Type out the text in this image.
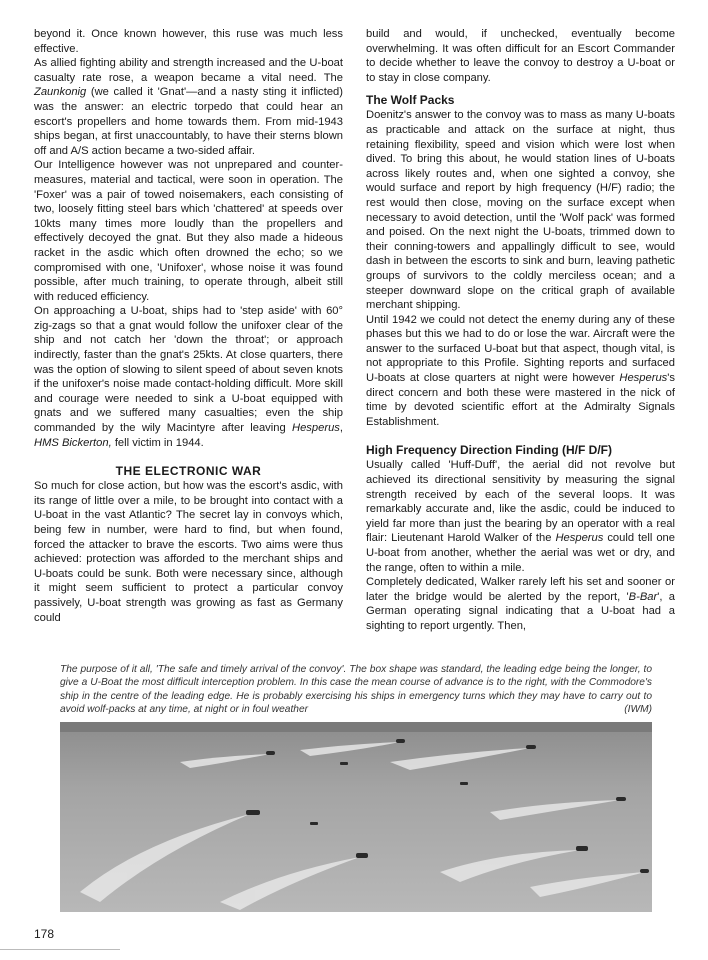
beyond it. Once known however, this ruse was much less effective.

As allied fighting ability and strength increased and the U-boat casualty rate rose, a weapon became a vital need. The Zaunkonig (we called it 'Gnat'—and a nasty sting it inflicted) was the answer: an electric torpedo that could hear an escort's propellers and home towards them. From mid-1943 ships began, at first unaccountably, to have their sterns blown off and A/S action became a two-sided affair.

Our Intelligence however was not unprepared and counter-measures, material and tactical, were soon in operation. The 'Foxer' was a pair of towed noisemakers, each consisting of two, loosely fitting steel bars which 'chattered' at speeds over 10kts many times more loudly than the propellers and effectively decoyed the gnat. But they also made a hideous racket in the asdic which often drowned the echo; so we compromised with one, 'Unifoxer', whose noise it was found possible, after much training, to operate through, albeit still with reduced efficiency.

On approaching a U-boat, ships had to 'step aside' with 60° zig-zags so that a gnat would follow the unifoxer clear of the ship and not catch her 'down the throat'; or approach indirectly, faster than the gnat's 25kts. At close quarters, there was the option of slowing to silent speed of about seven knots if the unifoxer's noise made contact-holding difficult. More skill and courage were needed to sink a U-boat equipped with gnats and we suffered many casualties; even the ship commanded by the wily Macintyre after leaving Hesperus, HMS Bickerton, fell victim in 1944.

THE ELECTRONIC WAR

So much for close action, but how was the escort's asdic, with its range of little over a mile, to be brought into contact with a U-boat in the vast Atlantic? The secret lay in convoys which, being few in number, were hard to find, but when found, forced the attacker to brave the escorts. Two aims were thus achieved: protection was afforded to the merchant ships and U-boats could be sunk. Both were necessary since, although it might seem sufficient to protect a particular convoy passively, U-boat strength was growing as fast as Germany could

build and would, if unchecked, eventually become overwhelming. It was often difficult for an Escort Commander to decide whether to leave the convoy to destroy a U-boat or to stay in close company.

The Wolf Packs

Doenitz's answer to the convoy was to mass as many U-boats as practicable and attack on the surface at night, thus retaining flexibility, speed and vision which were lost when dived. To bring this about, he would station lines of U-boats across likely routes and, when one sighted a convoy, she would surface and report by high frequency (H/F) radio; the rest would then close, moving on the surface except when necessary to avoid detection, until the 'Wolf pack' was formed and poised. On the next night the U-boats, trimmed down to their conning-towers and appallingly difficult to see, would dash in between the escorts to sink and burn, leaving pathetic groups of survivors to the coldly merciless ocean; and a steeper downward slope on the critical graph of available merchant shipping.

Until 1942 we could not detect the enemy during any of these phases but this we had to do or lose the war. Aircraft were the answer to the surfaced U-boat but that aspect, though vital, is not appropriate to this Profile. Sighting reports and surfaced U-boats at close quarters at night were however Hesperus's direct concern and both these were mastered in the nick of time by devoted scientific effort at the Admiralty Signals Establishment.

High Frequency Direction Finding (H/F D/F)

Usually called 'Huff-Duff', the aerial did not revolve but achieved its directional sensitivity by measuring the signal strength received by each of the several loops. It was remarkably accurate and, like the asdic, could be induced to yield far more than just the bearing by an operator with a real flair: Lieutenant Harold Walker of the Hesperus could tell one U-boat from another, whether the aerial was wet or dry, and the range, often to within a mile.

Completely dedicated, Walker rarely left his set and sooner or later the bridge would be alerted by the report, 'B-Bar', a German operating signal indicating that a U-boat had a sighting to report urgently. Then,

The purpose of it all, 'The safe and timely arrival of the convoy'. The box shape was standard, the leading edge being the longer, to give a U-Boat the most difficult interception problem. In this case the mean course of advance is to the right, with the Commodore's ship in the centre of the leading edge. He is probably exercising his ships in emergency turns which they may have to carry out to avoid wolf-packs at any time, at night or in foul weather	(IWM)
178
